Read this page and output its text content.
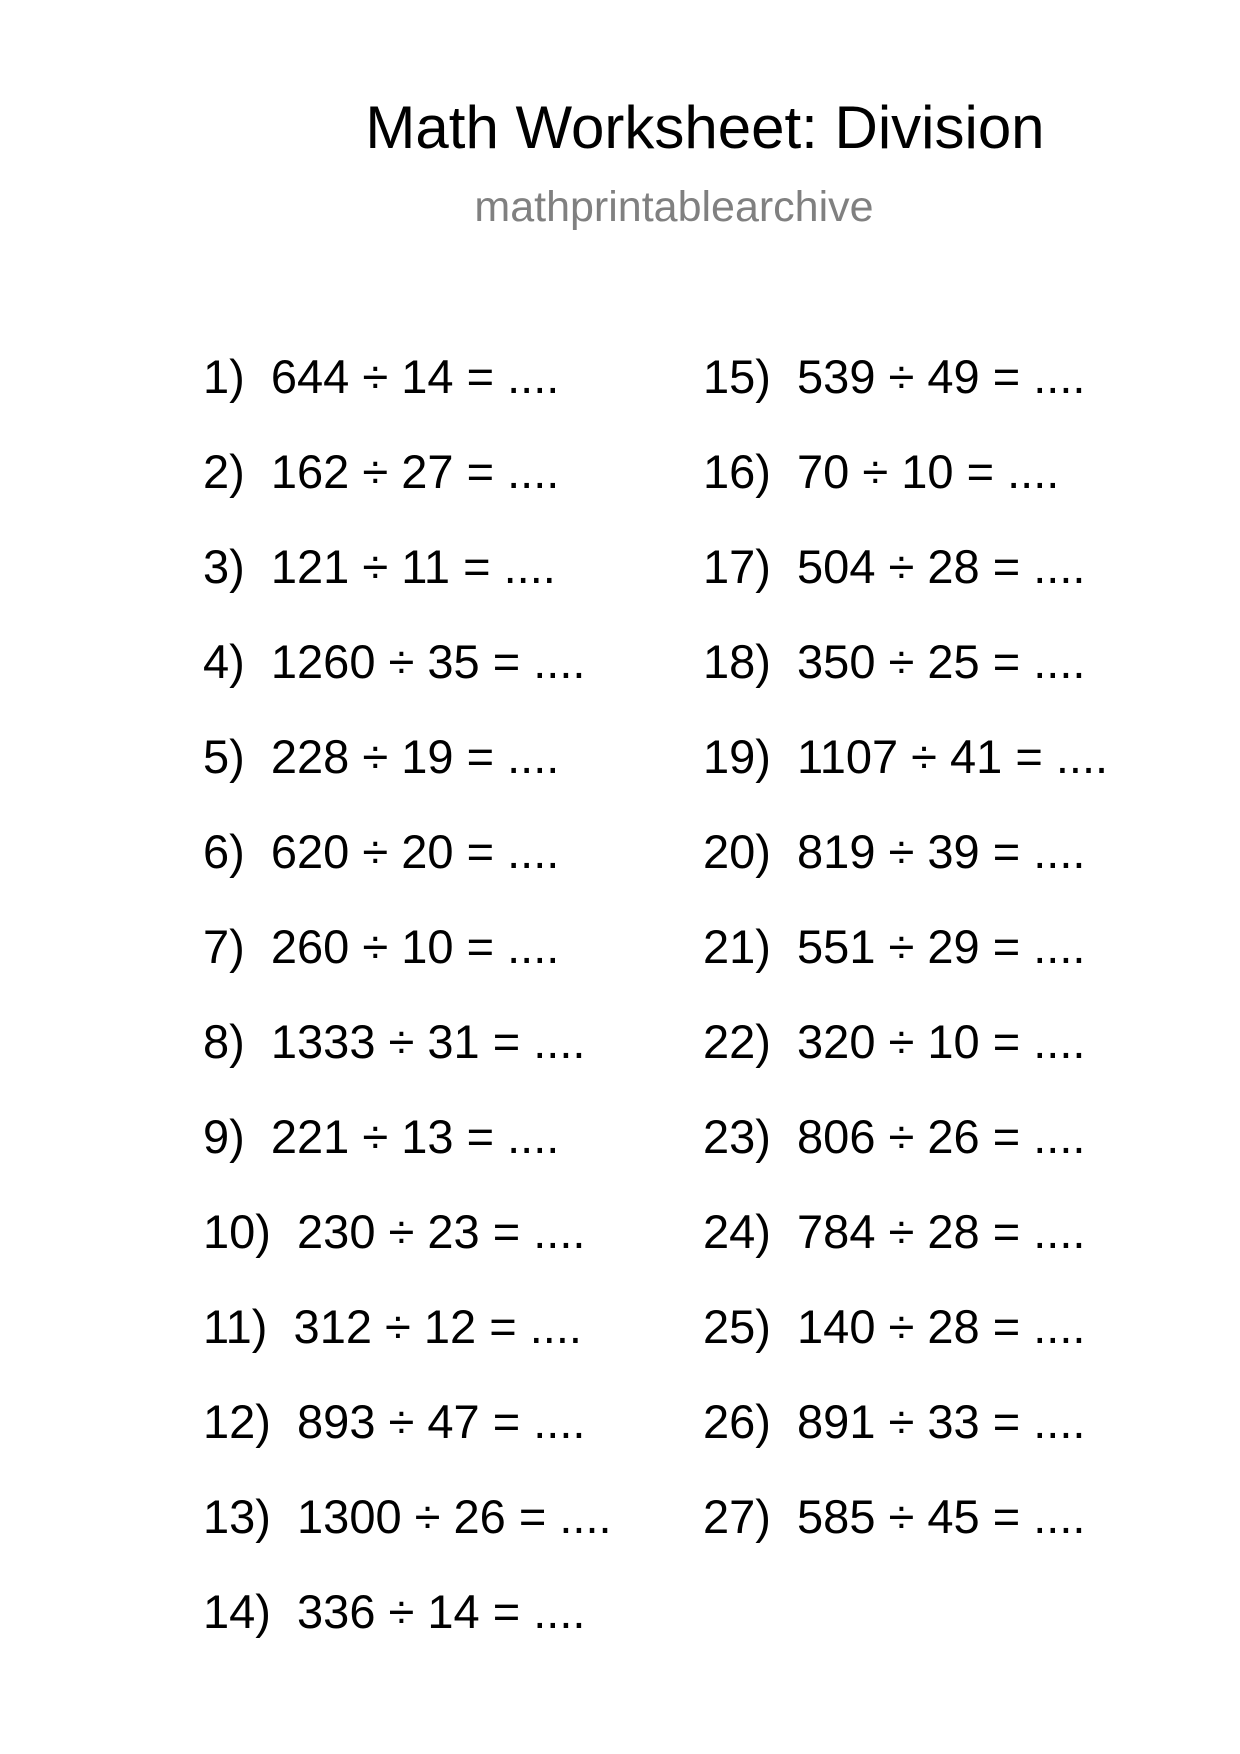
Math Worksheet: Division
mathprintablearchive
1)  644 ÷ 14 = ....
2)  162 ÷ 27 = ....
3)  121 ÷ 11 = ....
4)  1260 ÷ 35 = ....
5)  228 ÷ 19 = ....
6)  620 ÷ 20 = ....
7)  260 ÷ 10 = ....
8)  1333 ÷ 31 = ....
9)  221 ÷ 13 = ....
10)  230 ÷ 23 = ....
11)  312 ÷ 12 = ....
12)  893 ÷ 47 = ....
13)  1300 ÷ 26 = ....
14)  336 ÷ 14 = ....
15)  539 ÷ 49 = ....
16)  70 ÷ 10 = ....
17)  504 ÷ 28 = ....
18)  350 ÷ 25 = ....
19)  1107 ÷ 41 = ....
20)  819 ÷ 39 = ....
21)  551 ÷ 29 = ....
22)  320 ÷ 10 = ....
23)  806 ÷ 26 = ....
24)  784 ÷ 28 = ....
25)  140 ÷ 28 = ....
26)  891 ÷ 33 = ....
27)  585 ÷ 45 = ....
